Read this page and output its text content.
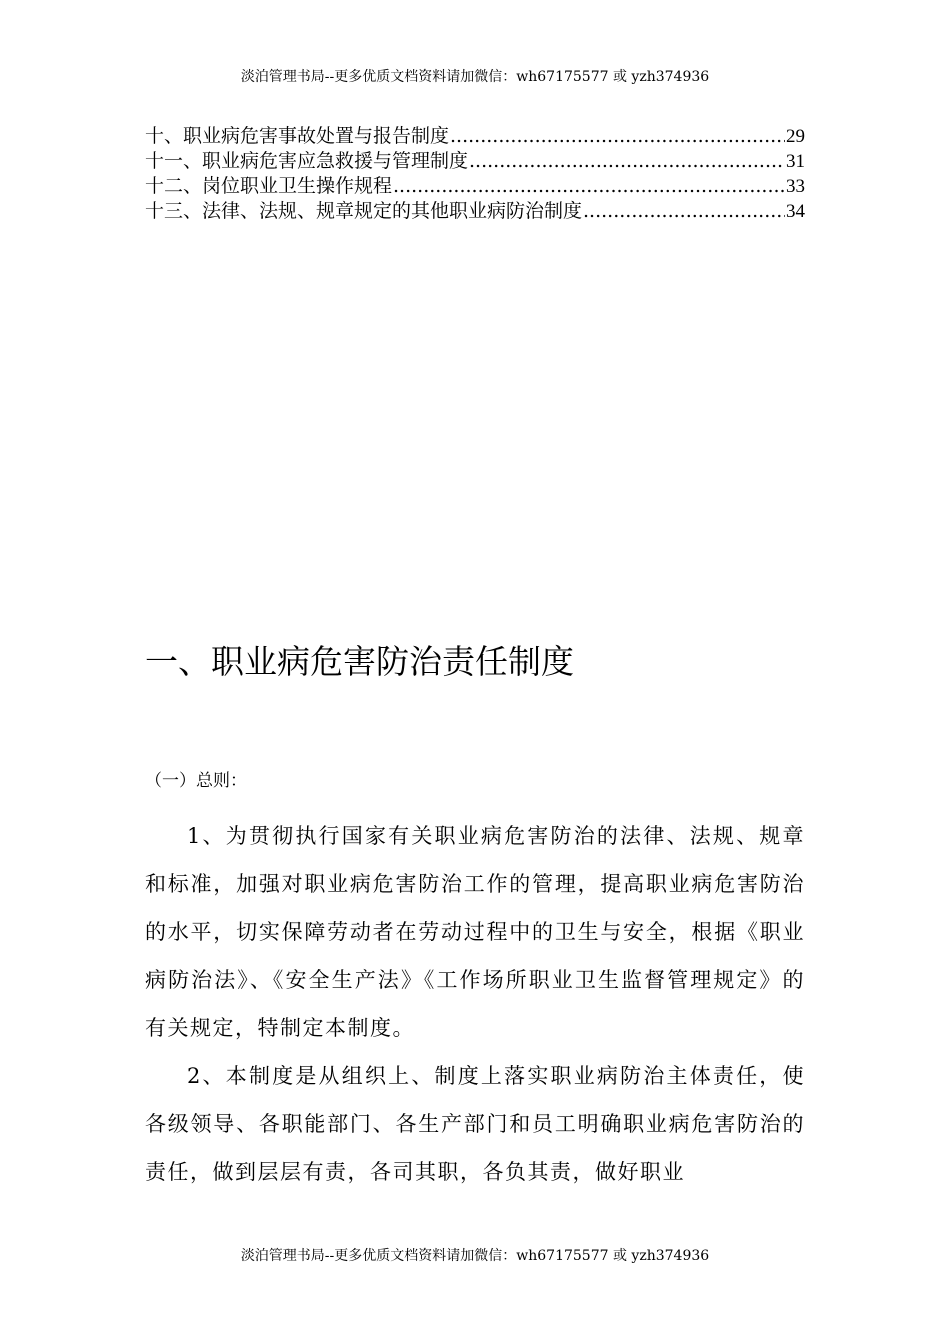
淡泊管理书局--更多优质文档资料请加微信：wh67175577 或 yzh374936
十、职业病危害事故处置与报告制度 .....	29
十一、职业病危害应急救援与管理制度 .....	31
十二、岗位职业卫生操作规程 .....	33
十三、法律、法规、规章规定的其他职业病防治制度 .....	34
一、职业病危害防治责任制度
（一）总则：

1、为贯彻执行国家有关职业病危害防治的法律、法规、规章和标准，加强对职业病危害防治工作的管理，提高职业病危害防治的水平，切实保障劳动者在劳动过程中的卫生与安全，根据《职业病防治法》、《安全生产法》《工作场所职业卫生监督管理规定》的有关规定，特制定本制度。

2、本制度是从组织上、制度上落实职业病防治主体责任，使各级领导、各职能部门、各生产部门和员工明确职业病危害防治的责任，做到层层有责，各司其职，各负其责，做好职业

淡泊管理书局--更多优质文档资料请加微信：wh67175577 或 yzh374936
